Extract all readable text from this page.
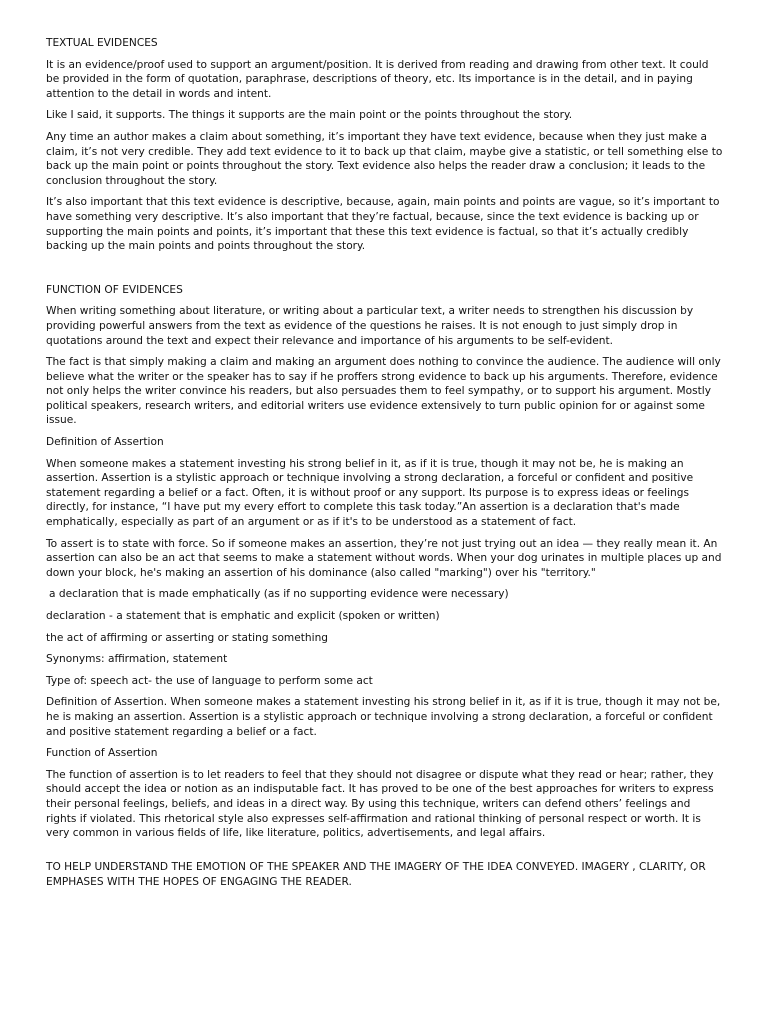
TEXTUAL EVIDENCES

It is an evidence/proof used to support an argument/position. It is derived from reading and drawing from other text. It could be provided in the form of quotation, paraphrase, descriptions of theory, etc. Its importance is in the detail, and in paying attention to the detail in words and intent.

Like I said, it supports. The things it supports are the main point or the points throughout the story.

Any time an author makes a claim about something, it’s important they have text evidence, because when they just make a claim, it’s not very credible. They add text evidence to it to back up that claim, maybe give a statistic, or tell something else to back up the main point or points throughout the story. Text evidence also helps the reader draw a conclusion; it leads to the conclusion throughout the story.

It’s also important that this text evidence is descriptive, because, again, main points and points are vague, so it’s important to have something very descriptive. It’s also important that they’re factual, because, since the text evidence is backing up or supporting the main points and points, it’s important that these this text evidence is factual, so that it’s actually credibly backing up the main points and points throughout the story.

FUNCTION OF EVIDENCES

When writing something about literature, or writing about a particular text, a writer needs to strengthen his discussion by providing powerful answers from the text as evidence of the questions he raises. It is not enough to just simply drop in quotations around the text and expect their relevance and importance of his arguments to be self-evident.

The fact is that simply making a claim and making an argument does nothing to convince the audience. The audience will only believe what the writer or the speaker has to say if he proffers strong evidence to back up his arguments. Therefore, evidence not only helps the writer convince his readers, but also persuades them to feel sympathy, or to support his argument. Mostly political speakers, research writers, and editorial writers use evidence extensively to turn public opinion for or against some issue.

Definition of Assertion

When someone makes a statement investing his strong belief in it, as if it is true, though it may not be, he is making an assertion. Assertion is a stylistic approach or technique involving a strong declaration, a forceful or confident and positive statement regarding a belief or a fact. Often, it is without proof or any support. Its purpose is to express ideas or feelings directly, for instance, “I have put my every effort to complete this task today.”An assertion is a declaration that's made emphatically, especially as part of an argument or as if it's to be understood as a statement of fact.

To assert is to state with force. So if someone makes an assertion, they’re not just trying out an idea — they really mean it. An assertion can also be an act that seems to make a statement without words. When your dog urinates in multiple places up and down your block, he's making an assertion of his dominance (also called "marking") over his "territory."

a declaration that is made emphatically (as if no supporting evidence were necessary)

declaration - a statement that is emphatic and explicit (spoken or written)

the act of affirming or asserting or stating something

Synonyms: affirmation, statement

Type of: speech act- the use of language to perform some act

Definition of Assertion. When someone makes a statement investing his strong belief in it, as if it is true, though it may not be, he is making an assertion. Assertion is a stylistic approach or technique involving a strong declaration, a forceful or confident and positive statement regarding a belief or a fact.

Function of Assertion

The function of assertion is to let readers to feel that they should not disagree or dispute what they read or hear; rather, they should accept the idea or notion as an indisputable fact. It has proved to be one of the best approaches for writers to express their personal feelings, beliefs, and ideas in a direct way. By using this technique, writers can defend others’ feelings and rights if violated. This rhetorical style also expresses self-affirmation and rational thinking of personal respect or worth. It is very common in various fields of life, like literature, politics, advertisements, and legal affairs.

TO HELP UNDERSTAND THE EMOTION OF THE SPEAKER AND THE IMAGERY OF THE IDEA CONVEYED. IMAGERY , CLARITY, OR EMPHASES WITH THE HOPES OF ENGAGING THE READER.
